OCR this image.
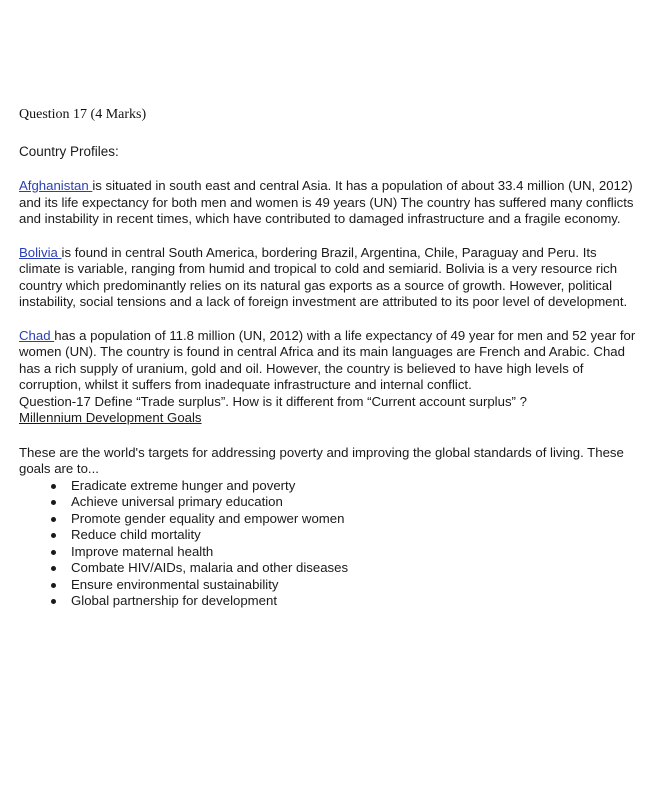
Question 17 (4 Marks)

Country Profiles:

Afghanistan is situated in south east and central Asia. It has a population of about 33.4 million (UN, 2012) and its life expectancy for both men and women is 49 years (UN) The country has suffered many conflicts and instability in recent times, which have contributed to damaged infrastructure and a fragile economy.

Bolivia is found in central South America, bordering Brazil, Argentina, Chile, Paraguay and Peru. Its climate is variable, ranging from humid and tropical to cold and semiarid. Bolivia is a very resource rich country which predominantly relies on its natural gas exports as a source of growth. However, political instability, social tensions and a lack of foreign investment are attributed to its poor level of development.

Chad has a population of 11.8 million (UN, 2012) with a life expectancy of 49 year for men and 52 year for women (UN). The country is found in central Africa and its main languages are French and Arabic. Chad has a rich supply of uranium, gold and oil. However, the country is believed to have high levels of corruption, whilst it suffers from inadequate infrastructure and internal conflict.

Question-17 Define “Trade surplus”. How is it different from “Current account surplus” ?

Millennium Development Goals

These are the world's targets for addressing poverty and improving the global standards of living. These goals are to...

Eradicate extreme hunger and poverty
Achieve universal primary education
Promote gender equality and empower women
Reduce child mortality
Improve maternal health
Combate HIV/AIDs, malaria and other diseases
Ensure environmental sustainability
Global partnership for development
